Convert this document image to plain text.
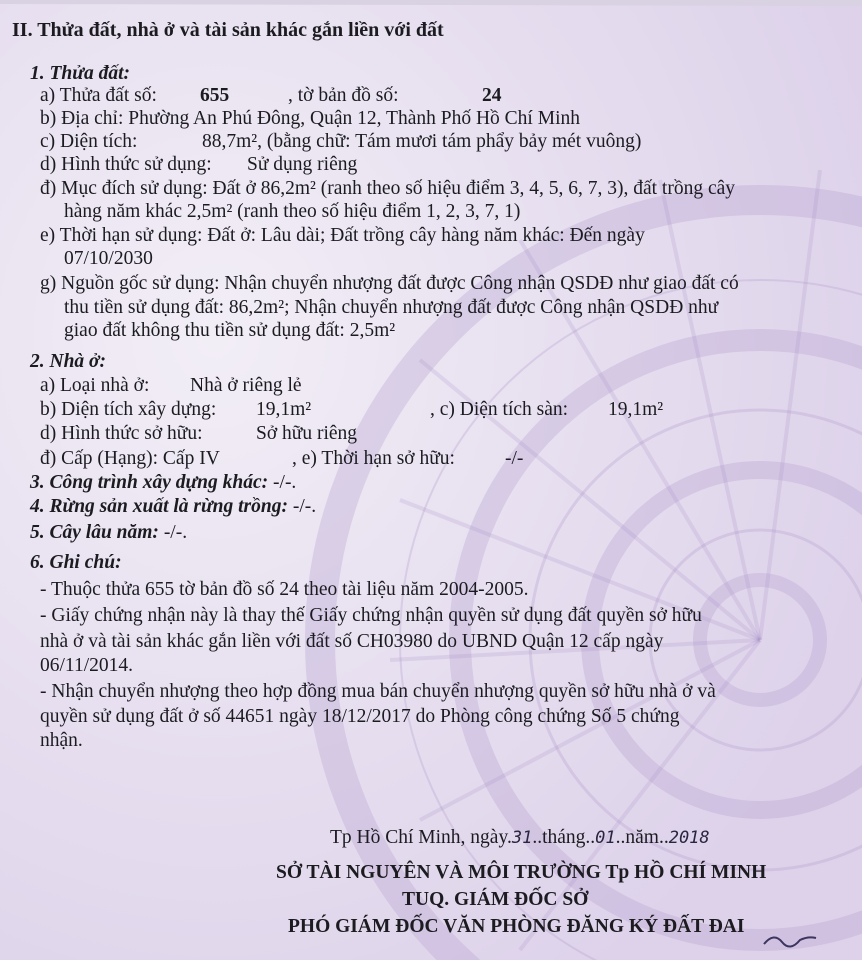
II. Thửa đất, nhà ở và tài sản khác gắn liền với đất
1. Thửa đất:
a) Thửa đất số: 655	, tờ bản đồ số:	24
b) Địa chỉ: Phường An Phú Đông, Quận 12, Thành Phố Hồ Chí Minh
c) Diện tích:	88,7m², (bằng chữ: Tám mươi tám phẩy bảy mét vuông)
d) Hình thức sử dụng: Sử dụng riêng
đ) Mục đích sử dụng: Đất ở 86,2m² (ranh theo số hiệu điểm 3, 4, 5, 6, 7, 3), đất trồng cây
hàng năm khác 2,5m² (ranh theo số hiệu điểm 1, 2, 3, 7, 1)
e) Thời hạn sử dụng: Đất ở: Lâu dài; Đất trồng cây hàng năm khác: Đến ngày
07/10/2030
g) Nguồn gốc sử dụng: Nhận chuyển nhượng đất được Công nhận QSDĐ như giao đất có
thu tiền sử dụng đất: 86,2m²; Nhận chuyển nhượng đất được Công nhận QSDĐ như
giao đất không thu tiền sử dụng đất: 2,5m²
2. Nhà ở:
a) Loại nhà ở: Nhà ở riêng lẻ
b) Diện tích xây dựng: 19,1m²	, c) Diện tích sàn: 19,1m²
d) Hình thức sở hữu:	Sở hữu riêng
đ) Cấp (Hạng): Cấp IV	, e) Thời hạn sở hữu:	-/-
3. Công trình xây dựng khác: -/-.
4. Rừng sản xuất là rừng trồng: -/-.
5. Cây lâu năm: -/-.
6. Ghi chú:
- Thuộc thửa 655 tờ bản đồ số 24 theo tài liệu năm 2004-2005.
- Giấy chứng nhận này là thay thế Giấy chứng nhận quyền sử dụng đất quyền sở hữu
nhà ở và tài sản khác gắn liền với đất số CH03980 do UBND Quận 12 cấp ngày
06/11/2014.
- Nhận chuyển nhượng theo hợp đồng mua bán chuyển nhượng quyền sở hữu nhà ở và
quyền sử dụng đất ở số 44651 ngày 18/12/2017 do Phòng công chứng Số 5 chứng
nhận.
Tp Hồ Chí Minh, ngày.31..tháng..01..năm..2018
SỞ TÀI NGUYÊN VÀ MÔI TRƯỜNG Tp HỒ CHÍ MINH
TUQ. GIÁM ĐỐC SỞ
PHÓ GIÁM ĐỐC VĂN PHÒNG ĐĂNG KÝ ĐẤT ĐAI
